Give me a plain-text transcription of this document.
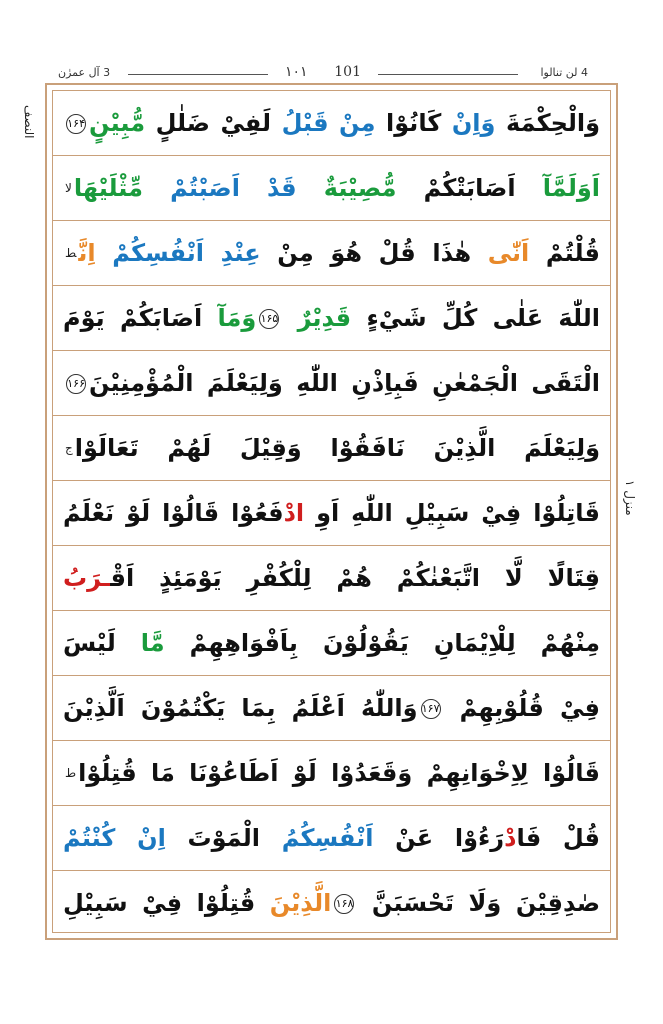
4 لن تنالوا
۱۰۱ 101
3 آل عمرٰن
النصف
منزل ۱
وَالْحِكْمَةَ وَاِنْ كَانُوْا مِنْ قَبْلُ لَفِيْ ضَلٰلٍ مُّبِيْنٍ۱۶۴
اَوَلَمَّآ اَصَابَتْكُمْ مُّصِيْبَةٌ قَدْ اَصَبْتُمْ مِّثْلَيْهَا$^{لا}$
قُلْتُمْ اَنّٰى هٰذَا قُلْ هُوَ مِنْ عِنْدِ اَنْفُسِكُمْ اِنَّ$^ط$
اللّٰهَ عَلٰى كُلِّ شَيْءٍ قَدِيْرٌ ۱۶۵وَمَآ اَصَابَكُمْ يَوْمَ
الْتَقَى الْجَمْعٰنِ فَبِاِذْنِ اللّٰهِ وَلِيَعْلَمَ الْمُؤْمِنِيْنَ۱۶۶
وَلِيَعْلَمَ الَّذِيْنَ نَافَقُوْا وَقِيْلَ لَهُمْ تَعَالَوْا$^ج$
قَاتِلُوْا فِيْ سَبِيْلِ اللّٰهِ اَوِ ادْفَعُوْا قَالُوْا لَوْ نَعْلَمُ
قِتَالًا لَّا اتَّبَعْنٰكُمْ هُمْ لِلْكُفْرِ يَوْمَئِذٍ اَقْـرَبُ
مِنْهُمْ لِلْاِيْمَانِ يَقُوْلُوْنَ بِاَفْوَاهِهِمْ مَّا لَيْسَ
فِيْ قُلُوْبِهِمْ ۱۶۷وَاللّٰهُ اَعْلَمُ بِمَا يَكْتُمُوْنَ اَلَّذِيْنَ
قَالُوْا لِاِخْوَانِهِمْ وَقَعَدُوْا لَوْ اَطَاعُوْنَا مَا قُتِلُوْا$^ط$
قُلْ فَادْرَءُوْا عَنْ اَنْفُسِكُمُ الْمَوْتَ اِنْ كُنْتُمْ
صٰدِقِيْنَ وَلَا تَحْسَبَنَّ ۱۶۸الَّذِيْنَ قُتِلُوْا فِيْ سَبِيْلِ
